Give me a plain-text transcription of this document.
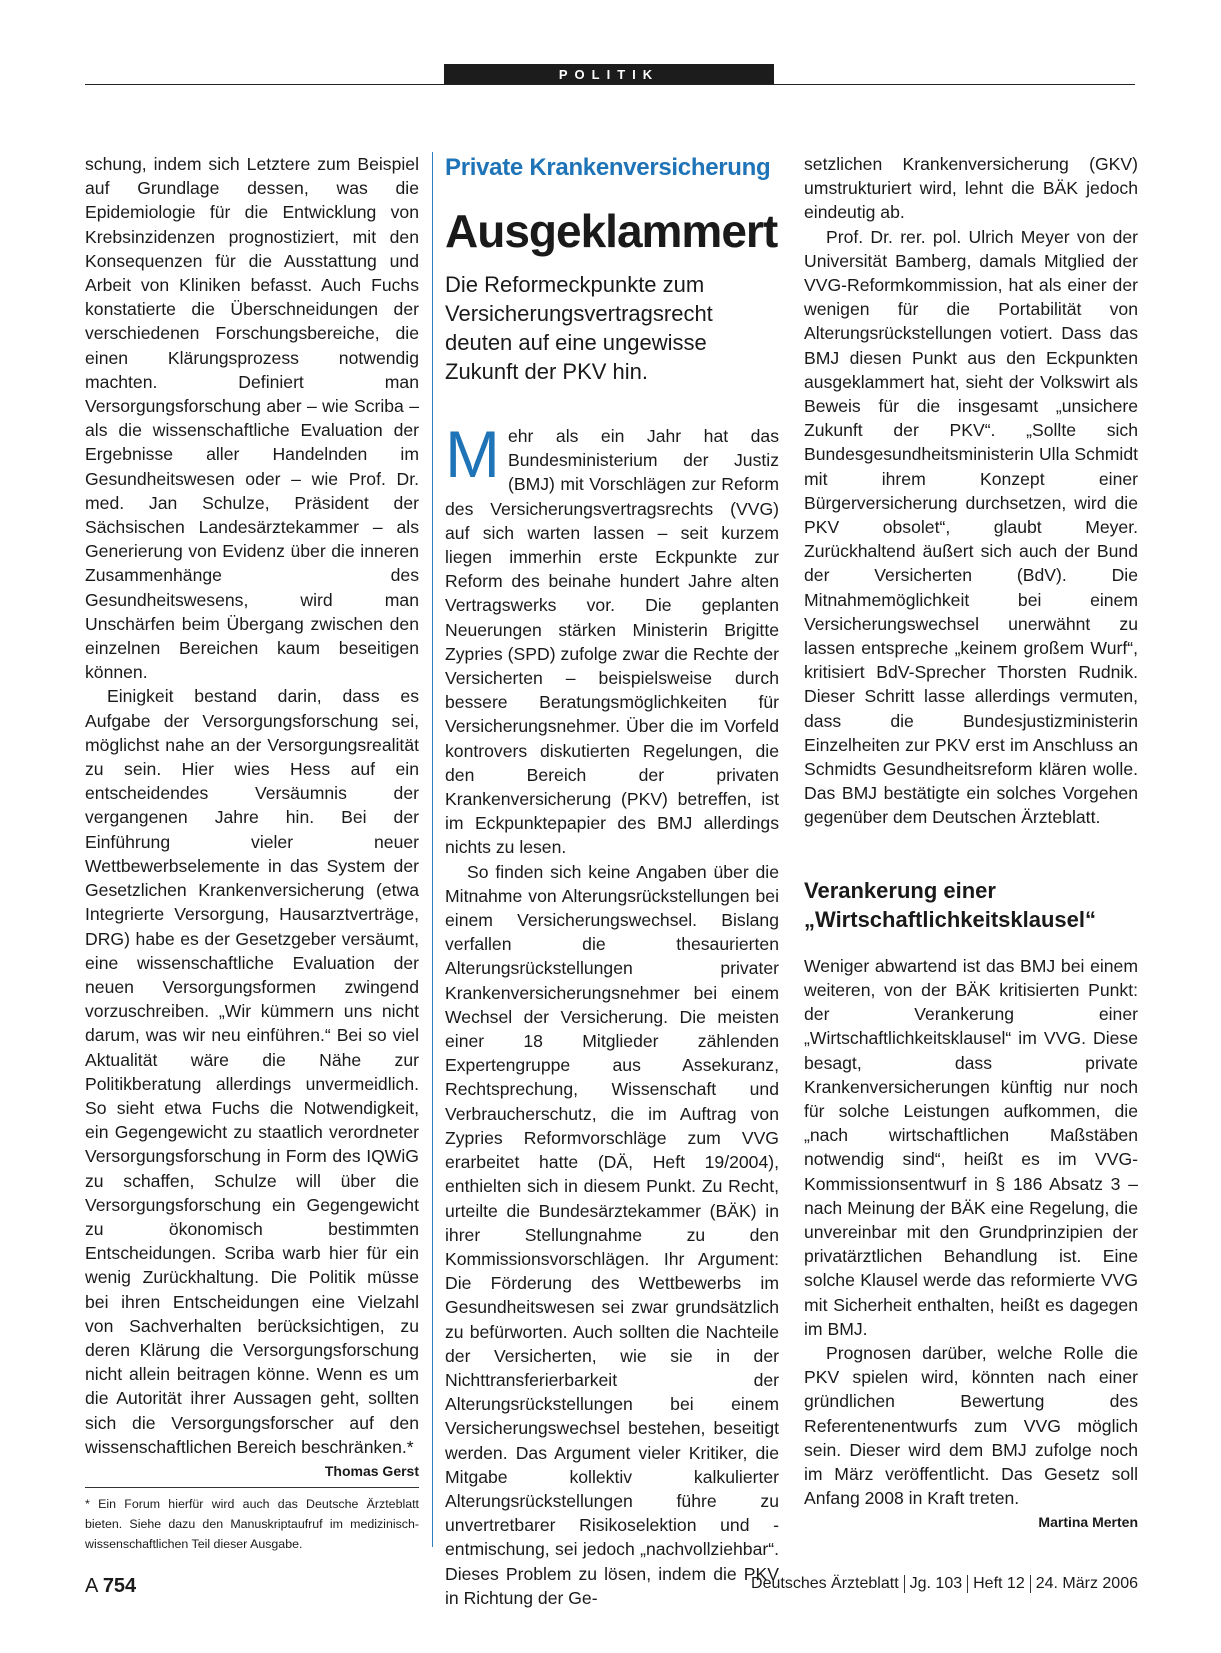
POLITIK

schung, indem sich Letztere zum Beispiel auf Grundlage dessen, was die Epidemiologie für die Entwicklung von Krebsinzidenzen prognostiziert, mit den Konsequenzen für die Ausstattung und Arbeit von Kliniken befasst. Auch Fuchs konstatierte die Überschneidungen der verschiedenen Forschungsbereiche, die einen Klärungsprozess notwendig machten. Definiert man Versorgungsforschung aber – wie Scriba – als die wissenschaftliche Evaluation der Ergebnisse aller Handelnden im Gesundheitswesen oder – wie Prof. Dr. med. Jan Schulze, Präsident der Sächsischen Landesärztekammer – als Generierung von Evidenz über die inneren Zusammenhänge des Gesundheitswesens, wird man Unschärfen beim Übergang zwischen den einzelnen Bereichen kaum beseitigen können.

Einigkeit bestand darin, dass es Aufgabe der Versorgungsforschung sei, möglichst nahe an der Versorgungsrealität zu sein. Hier wies Hess auf ein entscheidendes Versäumnis der vergangenen Jahre hin. Bei der Einführung vieler neuer Wettbewerbselemente in das System der Gesetzlichen Krankenversicherung (etwa Integrierte Versorgung, Hausarztverträge, DRG) habe es der Gesetzgeber versäumt, eine wissenschaftliche Evaluation der neuen Versorgungsformen zwingend vorzuschreiben. „Wir kümmern uns nicht darum, was wir neu einführen.“ Bei so viel Aktualität wäre die Nähe zur Politikberatung allerdings unvermeidlich. So sieht etwa Fuchs die Notwendigkeit, ein Gegengewicht zu staatlich verordneter Versorgungsforschung in Form des IQWiG zu schaffen, Schulze will über die Versorgungsforschung ein Gegengewicht zu ökonomisch bestimmten Entscheidungen. Scriba warb hier für ein wenig Zurückhaltung. Die Politik müsse bei ihren Entscheidungen eine Vielzahl von Sachverhalten berücksichtigen, zu deren Klärung die Versorgungsforschung nicht allein beitragen könne. Wenn es um die Autorität ihrer Aussagen geht, sollten sich die Versorgungsforscher auf den wissenschaftlichen Bereich beschränken.*
Thomas Gerst

* Ein Forum hierfür wird auch das Deutsche Ärzteblatt bieten. Siehe dazu den Manuskriptaufruf im medizinisch-wissenschaftlichen Teil dieser Ausgabe.
Private Krankenversicherung
Ausgeklammert
Die Reformeckpunkte zum Versicherungsvertragsrecht deuten auf eine ungewisse Zukunft der PKV hin.

Mehr als ein Jahr hat das Bundesministerium der Justiz (BMJ) mit Vorschlägen zur Reform des Versicherungsvertragsrechts (VVG) auf sich warten lassen – seit kurzem liegen immerhin erste Eckpunkte zur Reform des beinahe hundert Jahre alten Vertragswerks vor. Die geplanten Neuerungen stärken Ministerin Brigitte Zypries (SPD) zufolge zwar die Rechte der Versicherten – beispielsweise durch bessere Beratungsmöglichkeiten für Versicherungsnehmer. Über die im Vorfeld kontrovers diskutierten Regelungen, die den Bereich der privaten Krankenversicherung (PKV) betreffen, ist im Eckpunktepapier des BMJ allerdings nichts zu lesen.

So finden sich keine Angaben über die Mitnahme von Alterungsrückstellungen bei einem Versicherungswechsel. Bislang verfallen die thesaurierten Alterungsrückstellungen privater Krankenversicherungsnehmer bei einem Wechsel der Versicherung. Die meisten einer 18 Mitglieder zählenden Expertengruppe aus Assekuranz, Rechtsprechung, Wissenschaft und Verbraucherschutz, die im Auftrag von Zypries Reformvorschläge zum VVG erarbeitet hatte (DÄ, Heft 19/2004), enthielten sich in diesem Punkt. Zu Recht, urteilte die Bundesärztekammer (BÄK) in ihrer Stellungnahme zu den Kommissionsvorschlägen. Ihr Argument: Die Förderung des Wettbewerbs im Gesundheitswesen sei zwar grundsätzlich zu befürworten. Auch sollten die Nachteile der Versicherten, wie sie in der Nichttransferierbarkeit der Alterungsrückstellungen bei einem Versicherungswechsel bestehen, beseitigt werden. Das Argument vieler Kritiker, die Mitgabe kollektiv kalkulierter Alterungsrückstellungen führe zu unvertretbarer Risikoselektion und -entmischung, sei jedoch „nachvollziehbar“. Dieses Problem zu lösen, indem die PKV in Richtung der Ge-

setzlichen Krankenversicherung (GKV) umstrukturiert wird, lehnt die BÄK jedoch eindeutig ab.

Prof. Dr. rer. pol. Ulrich Meyer von der Universität Bamberg, damals Mitglied der VVG-Reformkommission, hat als einer der wenigen für die Portabilität von Alterungsrückstellungen votiert. Dass das BMJ diesen Punkt aus den Eckpunkten ausgeklammert hat, sieht der Volkswirt als Beweis für die insgesamt „unsichere Zukunft der PKV“. „Sollte sich Bundesgesundheitsministerin Ulla Schmidt mit ihrem Konzept einer Bürgerversicherung durchsetzen, wird die PKV obsolet“, glaubt Meyer. Zurückhaltend äußert sich auch der Bund der Versicherten (BdV). Die Mitnahmemöglichkeit bei einem Versicherungswechsel unerwähnt zu lassen entspreche „keinem großem Wurf“, kritisiert BdV-Sprecher Thorsten Rudnik. Dieser Schritt lasse allerdings vermuten, dass die Bundesjustizministerin Einzelheiten zur PKV erst im Anschluss an Schmidts Gesundheitsreform klären wolle. Das BMJ bestätigte ein solches Vorgehen gegenüber dem Deutschen Ärzteblatt.

Verankerung einer „Wirtschaftlichkeitsklausel“

Weniger abwartend ist das BMJ bei einem weiteren, von der BÄK kritisierten Punkt: der Verankerung einer „Wirtschaftlichkeitsklausel“ im VVG. Diese besagt, dass private Krankenversicherungen künftig nur noch für solche Leistungen aufkommen, die „nach wirtschaftlichen Maßstäben notwendig sind“, heißt es im VVG-Kommissionsentwurf in § 186 Absatz 3 – nach Meinung der BÄK eine Regelung, die unvereinbar mit den Grundprinzipien der privatärztlichen Behandlung ist. Eine solche Klausel werde das reformierte VVG mit Sicherheit enthalten, heißt es dagegen im BMJ.

Prognosen darüber, welche Rolle die PKV spielen wird, könnten nach einer gründlichen Bewertung des Referentenentwurfs zum VVG möglich sein. Dieser wird dem BMJ zufolge noch im März veröffentlicht. Das Gesetz soll Anfang 2008 in Kraft treten.
Martina Merten

A 754	Deutsches Ärzteblatt Jg. 103 Heft 12 24. März 2006
